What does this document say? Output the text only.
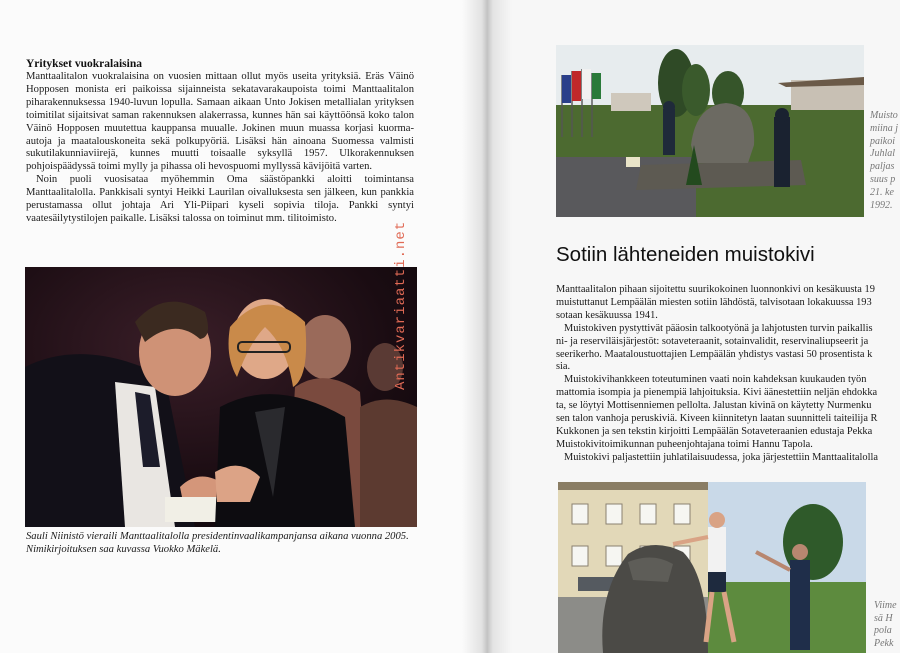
Yritykset vuokralaisina

Manttaalitalon vuokralaisina on vuosien mittaan ollut myös useita yrityksiä. Eräs Väinö Hopposen monista eri paikoissa sijainneista sekatavarakaupoista toimi Manttaalitalon piharakennuksessa 1940-luvun lopulla. Samaan aikaan Unto Jokisen metallialan yrityksen toimitilat sijaitsivat saman rakennuksen alakerrassa, kunnes hän sai käyttöönsä koko talon Väinö Hopposen muutettua kauppansa muualle. Jokinen muun muassa korjasi kuorma-autoja ja maatalouskoneita sekä polkupyöriä. Lisäksi hän ainoana Suomessa valmisti sukutilakunniaviirejä, kunnes muutti toisaalle syksyllä 1957. Ulkorakennuksen pohjoispäädyssä toimi mylly ja pihassa oli hevospuomi myllyssä kävijöitä varten.

Noin puoli vuosisataa myöhemmin Oma säästöpankki aloitti toimintansa Manttaalitalolla. Pankkisali syntyi Heikki Laurilan oivalluksesta sen jälkeen, kun pankkia perustamassa ollut johtaja Ari Yli-Piipari kyseli sopivia tiloja. Pankki syntyi vaatesäilytystilojen paikalle. Lisäksi talossa on toiminut mm. tilitoimisto.

Antikvariaatti.net
Sauli Niinistö vieraili Manttaalitalolla presidentinvaalikampanjansa aikana vuonna 2005. Nimikirjoituksen saa kuvassa Vuokko Mäkelä.
Muisto
miina j
paikoi
Juhlal
paljas
suus p
21. ke
1992.
Sotiin lähteneiden muistokivi

Manttaalitalon pihaan sijoitettu suurikokoinen luonnonkivi on kesäkuusta 19

muistuttanut Lempäälän miesten sotiin lähdöstä, talvisotaan lokakuussa 193

sotaan kesäkuussa 1941.

Muistokiven pystyttivät pääosin talkootyönä ja lahjotusten turvin paikallis

ni- ja reserviläisjärjestöt: sotaveteraanit, sotainvalidit, reservinaliupseerit ja

seerikerho. Maataloustuottajien Lempäälän yhdistys vastasi 50 prosentista k

sia.

Muistokivihankkeen toteutuminen vaati noin kahdeksan kuukauden työn

mattomia isompia ja pienempiä lahjoituksia. Kivi äänestettiin neljän ehdokka

ta, se löytyi Mottisenniemen pellolta. Jalustan kivinä on käytetty Nurmenku

sen talon vanhoja peruskiviä. Kiveen kiinnitetyn laatan suunnitteli taiteilija R

Kukkonen ja sen tekstin kirjoitti Lempäälän Sotaveteraanien edustaja Pekka

Muistokivitoimikunnan puheenjohtajana toimi Hannu Tapola.

Muistokivi paljastettiin juhlatilaisuudessa, joka järjestettiin Manttaalitalolla

Viime
sä H
pola
Pekk
